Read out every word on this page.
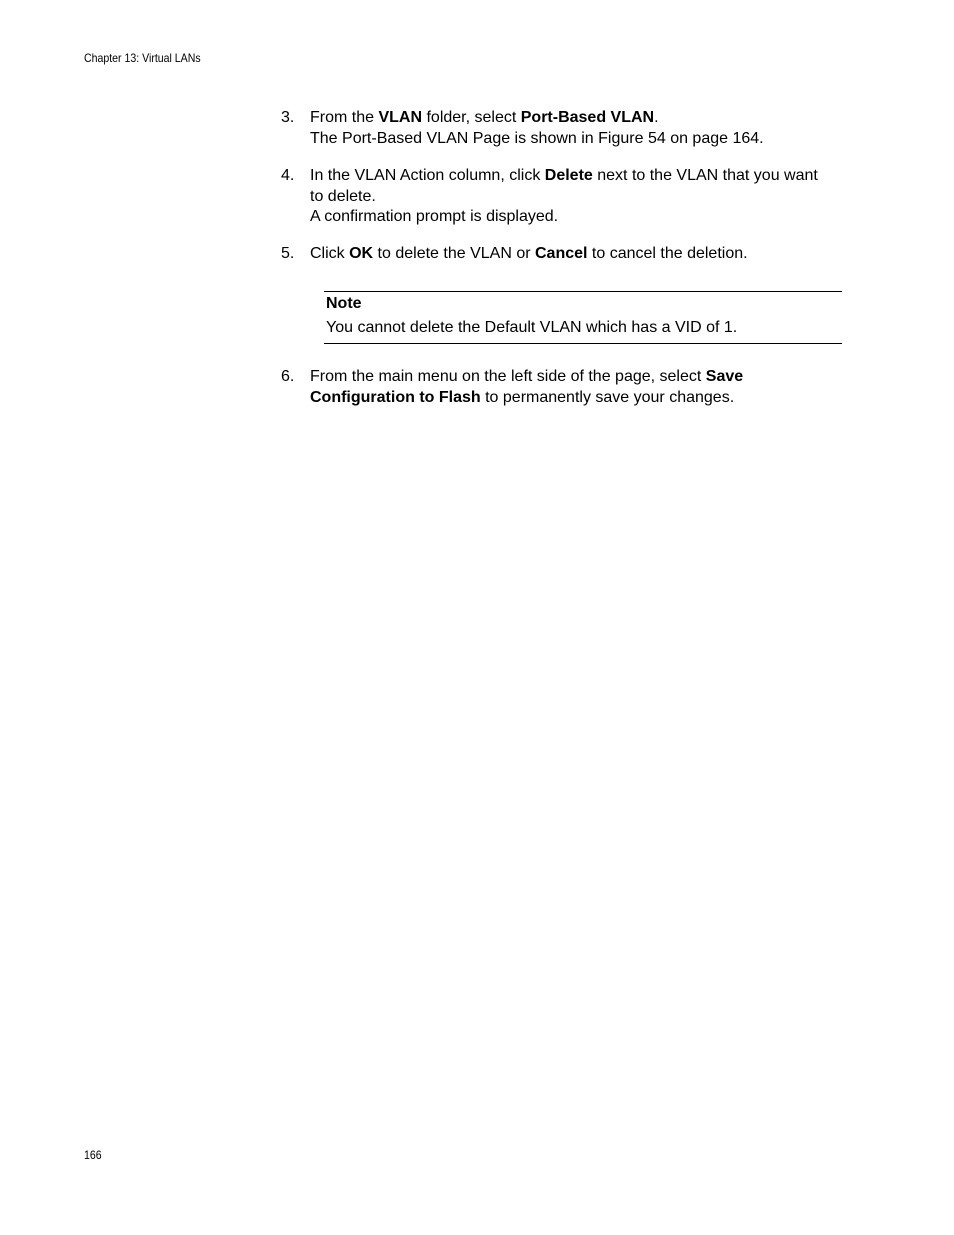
Chapter 13: Virtual LANs
3. From the VLAN folder, select Port-Based VLAN.

The Port-Based VLAN Page is shown in Figure 54 on page 164.

4. In the VLAN Action column, click Delete next to the VLAN that you want to delete.

A confirmation prompt is displayed.

5. Click OK to delete the VLAN or Cancel to cancel the deletion.

Note
You cannot delete the Default VLAN which has a VID of 1.
6. From the main menu on the left side of the page, select Save Configuration to Flash to permanently save your changes.

166
